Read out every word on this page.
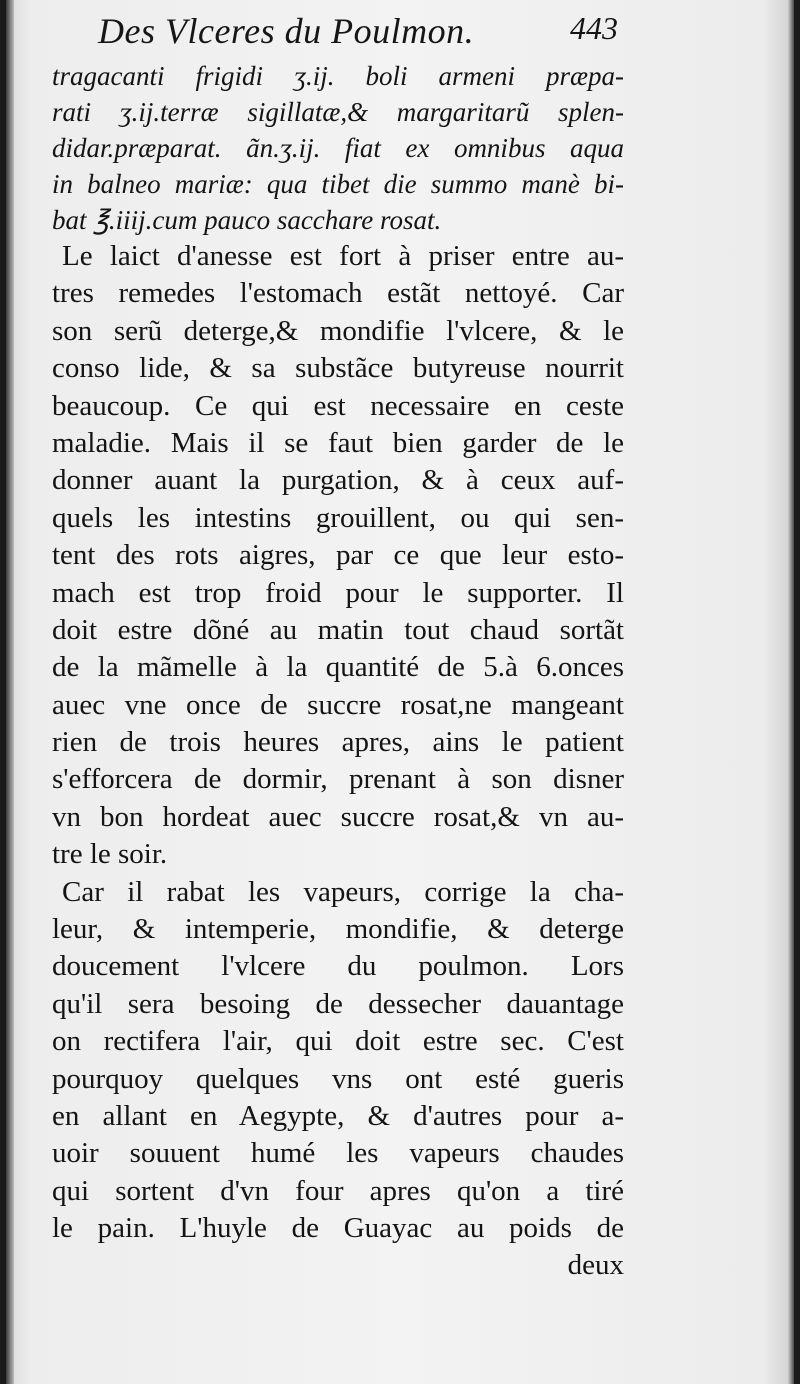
Des Vlceres du Poulmon.	443
tragacanti frigidi ʒ.ij. boli armeni præpa-
rati ʒ.ij.terræ sigillatæ,& margaritarũ splen-
didar.præparat. ãn.ʒ.ij. fiat ex omnibus aqua
in balneo mariæ: qua tibet die summo manè bi-
bat ℥.iiij.cum pauco sacchare rosat.
Le laict d'anesse est fort à priser entre au-
tres remedes l'estomach estãt nettoyé. Car
son serũ deterge,& mondifie l'vlcere, & le
conso lide, & sa substãce butyreuse nourrit
beaucoup. Ce qui est necessaire en ceste
maladie. Mais il se faut bien garder de le
donner auant la purgation, & à ceux auf-
quels les intestins grouillent, ou qui sen-
tent des rots aigres, par ce que leur esto-
mach est trop froid pour le supporter. Il
doit estre dõné au matin tout chaud sortãt
de la mãmelle à la quantité de 5.à 6.onces
auec vne once de succre rosat,ne mangeant
rien de trois heures apres, ains le patient
s'efforcera de dormir, prenant à son disner
vn bon hordeat auec succre rosat,& vn au-
tre le soir.
Car il rabat les vapeurs, corrige la cha-
leur, & intemperie, mondifie, & deterge
doucement l'vlcere du poulmon. Lors
qu'il sera besoing de dessecher dauantage
on rectifera l'air, qui doit estre sec. C'est
pourquoy quelques vns ont esté gueris
en allant en Aegypte, & d'autres pour a-
uoir souuent humé les vapeurs chaudes
qui sortent d'vn four apres qu'on a tiré
le pain. L'huyle de Guayac au poids de
deux
